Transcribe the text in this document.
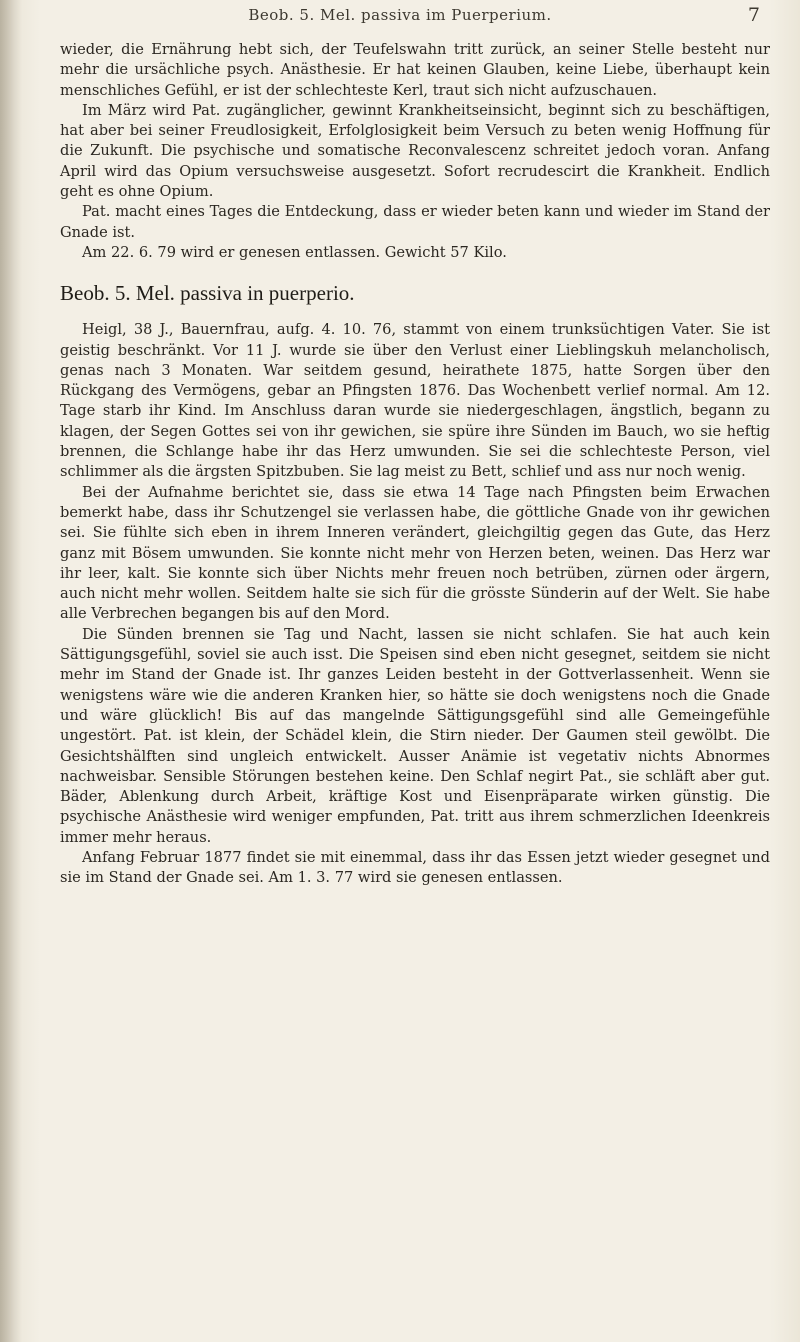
Beob. 5. Mel. passiva im Puerperium.	7

wieder, die Ernährung hebt sich, der Teufelswahn tritt zurück, an seiner Stelle besteht nur mehr die ursächliche psych. Anästhesie. Er hat keinen Glauben, keine Liebe, überhaupt kein menschliches Gefühl, er ist der schlechteste Kerl, traut sich nicht aufzuschauen.

Im März wird Pat. zugänglicher, gewinnt Krankheitseinsicht, beginnt sich zu beschäftigen, hat aber bei seiner Freudlosigkeit, Erfolglosigkeit beim Versuch zu beten wenig Hoffnung für die Zukunft. Die psychische und somatische Reconvalescenz schreitet jedoch voran. Anfang April wird das Opium versuchsweise ausgesetzt. Sofort recrudescirt die Krankheit. Endlich geht es ohne Opium.

Pat. macht eines Tages die Entdeckung, dass er wieder beten kann und wieder im Stand der Gnade ist.

Am 22. 6. 79 wird er genesen entlassen. Gewicht 57 Kilo.

Beob. 5. Mel. passiva in puerperio.

Heigl, 38 J., Bauernfrau, aufg. 4. 10. 76, stammt von einem trunksüchtigen Vater. Sie ist geistig beschränkt. Vor 11 J. wurde sie über den Verlust einer Lieblingskuh melancholisch, genas nach 3 Monaten. War seitdem gesund, heirathete 1875, hatte Sorgen über den Rückgang des Vermögens, gebar an Pfingsten 1876. Das Wochenbett verlief normal. Am 12. Tage starb ihr Kind. Im Anschluss daran wurde sie niedergeschlagen, ängstlich, begann zu klagen, der Segen Gottes sei von ihr gewichen, sie spüre ihre Sünden im Bauch, wo sie heftig brennen, die Schlange habe ihr das Herz umwunden. Sie sei die schlechteste Person, viel schlimmer als die ärgsten Spitzbuben. Sie lag meist zu Bett, schlief und ass nur noch wenig.

Bei der Aufnahme berichtet sie, dass sie etwa 14 Tage nach Pfingsten beim Erwachen bemerkt habe, dass ihr Schutzengel sie verlassen habe, die göttliche Gnade von ihr gewichen sei. Sie fühlte sich eben in ihrem Inneren verändert, gleichgiltig gegen das Gute, das Herz ganz mit Bösem umwunden. Sie konnte nicht mehr von Herzen beten, weinen. Das Herz war ihr leer, kalt. Sie konnte sich über Nichts mehr freuen noch betrüben, zürnen oder ärgern, auch nicht mehr wollen. Seitdem halte sie sich für die grösste Sünderin auf der Welt. Sie habe alle Verbrechen begangen bis auf den Mord.

Die Sünden brennen sie Tag und Nacht, lassen sie nicht schlafen. Sie hat auch kein Sättigungsgefühl, soviel sie auch isst. Die Speisen sind eben nicht gesegnet, seitdem sie nicht mehr im Stand der Gnade ist. Ihr ganzes Leiden besteht in der Gottverlassenheit. Wenn sie wenigstens wäre wie die anderen Kranken hier, so hätte sie doch wenigstens noch die Gnade und wäre glücklich! Bis auf das mangelnde Sättigungsgefühl sind alle Gemeingefühle ungestört. Pat. ist klein, der Schädel klein, die Stirn nieder. Der Gaumen steil gewölbt. Die Gesichtshälften sind ungleich entwickelt. Ausser Anämie ist vegetativ nichts Abnormes nachweisbar. Sensible Störungen bestehen keine. Den Schlaf negirt Pat., sie schläft aber gut. Bäder, Ablenkung durch Arbeit, kräftige Kost und Eisenpräparate wirken günstig. Die psychische Anästhesie wird weniger empfunden, Pat. tritt aus ihrem schmerzlichen Ideenkreis immer mehr heraus.

Anfang Februar 1877 findet sie mit einemmal, dass ihr das Essen jetzt wieder gesegnet und sie im Stand der Gnade sei. Am 1. 3. 77 wird sie genesen entlassen.
